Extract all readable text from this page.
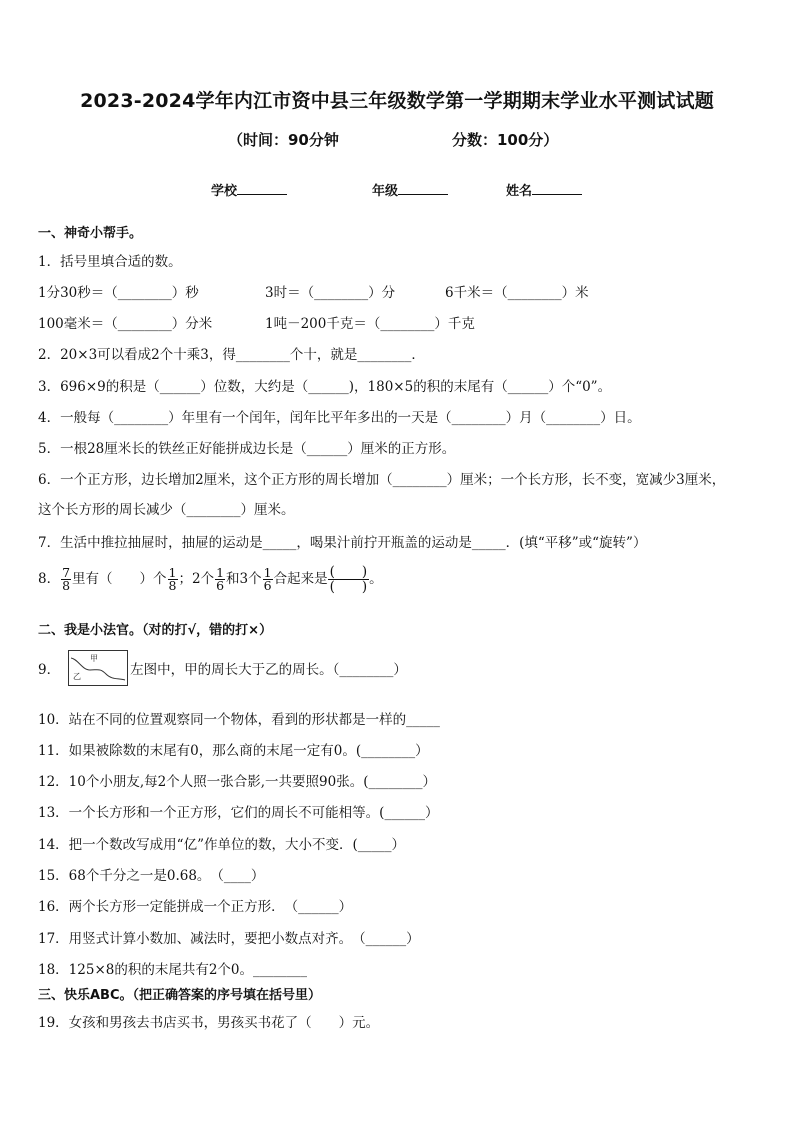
2023-2024学年内江市资中县三年级数学第一学期期末学业水平测试试题
（时间：90分钟	分数：100分）
学校	年级	姓名
一、神奇小帮手。
1．括号里填合适的数。
1分30秒＝（________）秒	3时＝（________）分	6千米＝（________）米
100毫米＝（________）分米	1吨－200千克＝（________）千克
2．20×3可以看成2个十乘3，得________个十，就是________．
3．696×9的积是（______）位数，大约是（______)，180×5的积的末尾有（______）个“0”。
4．一般每（________）年里有一个闰年，闰年比平年多出的一天是（________）月（________）日。
5．一根28厘米长的铁丝正好能拼成边长是（______）厘米的正方形。
6．一个正方形，边长增加2厘米，这个正方形的周长增加（________）厘米；一个长方形，长不变，宽减少3厘米，
这个长方形的周长减少（________）厘米。
7．生活中推拉抽屉时，抽屉的运动是_____，喝果汁前拧开瓶盖的运动是_____．(填“平移”或“旋转”）
8． $\frac{7}{8}$ 里有（　　）个 $\frac{1}{8}$ ；2个 $\frac{1}{6}$ 和3个 $\frac{1}{6}$ 合起来是 (　　)
(　　) 。
二、我是小法官。（对的打√，错的打×）
9．
甲
乙	左图中，甲的周长大于乙的周长。（________）
10．站在不同的位置观察同一个物体，看到的形状都是一样的_____
11．如果被除数的末尾有0，那么商的末尾一定有0。(________）
12．10个小朋友,每2个人照一张合影,一共要照90张。(________）
13．一个长方形和一个正方形，它们的周长不可能相等。(______）
14．把一个数改写成用“亿”作单位的数，大小不变．(_____）
15．68个千分之一是0.68。　（____）
16．两个长方形一定能拼成一个正方形．　（______）
17．用竖式计算小数加、减法时，要把小数点对齐。　（______）
18．125×8的积的末尾共有2个0。________
三、快乐ABC。（把正确答案的序号填在括号里）
19．女孩和男孩去书店买书，男孩买书花了（　　）元。
